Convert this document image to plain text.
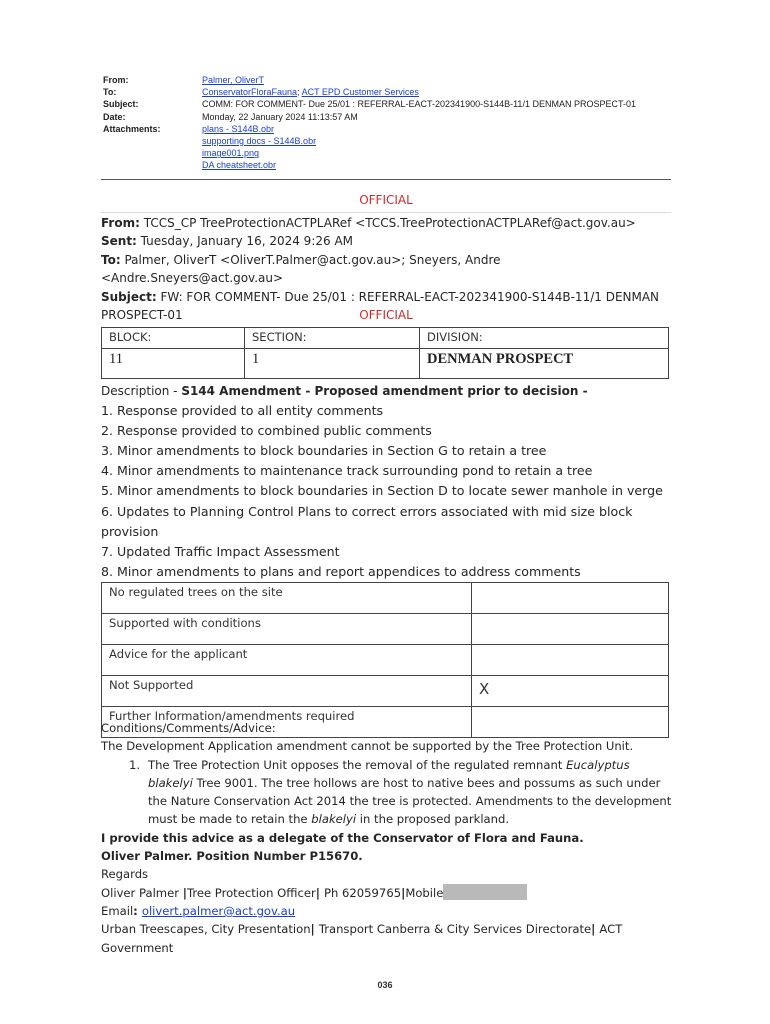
From:	Palmer, OliverT
To:	ConservatorFloraFauna; ACT EPD Customer Services
Subject:	COMM: FOR COMMENT- Due 25/01 : REFERRAL-EACT-202341900-S144B-11/1 DENMAN PROSPECT-01
Date:	Monday, 22 January 2024 11:13:57 AM
Attachments:	plans - S144B.obr
supporting docs - S144B.obr
image001.png
DA cheatsheet.obr
OFFICIAL
From: TCCS_CP TreeProtectionACTPLARef <TCCS.TreeProtectionACTPLARef@act.gov.au>
Sent: Tuesday, January 16, 2024 9:26 AM
To: Palmer, OliverT <OliverT.Palmer@act.gov.au>; Sneyers, Andre <Andre.Sneyers@act.gov.au>
Subject: FW: FOR COMMENT- Due 25/01 : REFERRAL-EACT-202341900-S144B-11/1 DENMAN PROSPECT-01	OFFICIAL
BLOCK:	SECTION:	DIVISION:
11	1	DENMAN PROSPECT
Description - S144 Amendment - Proposed amendment prior to decision -
1. Response provided to all entity comments
2. Response provided to combined public comments
3. Minor amendments to block boundaries in Section G to retain a tree
4. Minor amendments to maintenance track surrounding pond to retain a tree
5. Minor amendments to block boundaries in Section D to locate sewer manhole in verge
6. Updates to Planning Control Plans to correct errors associated with mid size block provision
7. Updated Traffic Impact Assessment
8. Minor amendments to plans and report appendices to address comments
No regulated trees on the site	
Supported with conditions	
Advice for the applicant	
Not Supported	X
Further Information/amendments required	
Conditions/Comments/Advice:
The Development Application amendment cannot be supported by the Tree Protection Unit.
1. The Tree Protection Unit opposes the removal of the regulated remnant Eucalyptus blakelyi Tree 9001. The tree hollows are host to native bees and possums as such under the Nature Conservation Act 2014 the tree is protected. Amendments to the development must be made to retain the blakelyi in the proposed parkland.
I provide this advice as a delegate of the Conservator of Flora and Fauna.
Oliver Palmer. Position Number P15670.
Regards
Oliver Palmer |Tree Protection Officer| Ph 62059765|Mobile
Email: olivert.palmer@act.gov.au
Urban Treescapes, City Presentation| Transport Canberra & City Services Directorate| ACT Government
036
